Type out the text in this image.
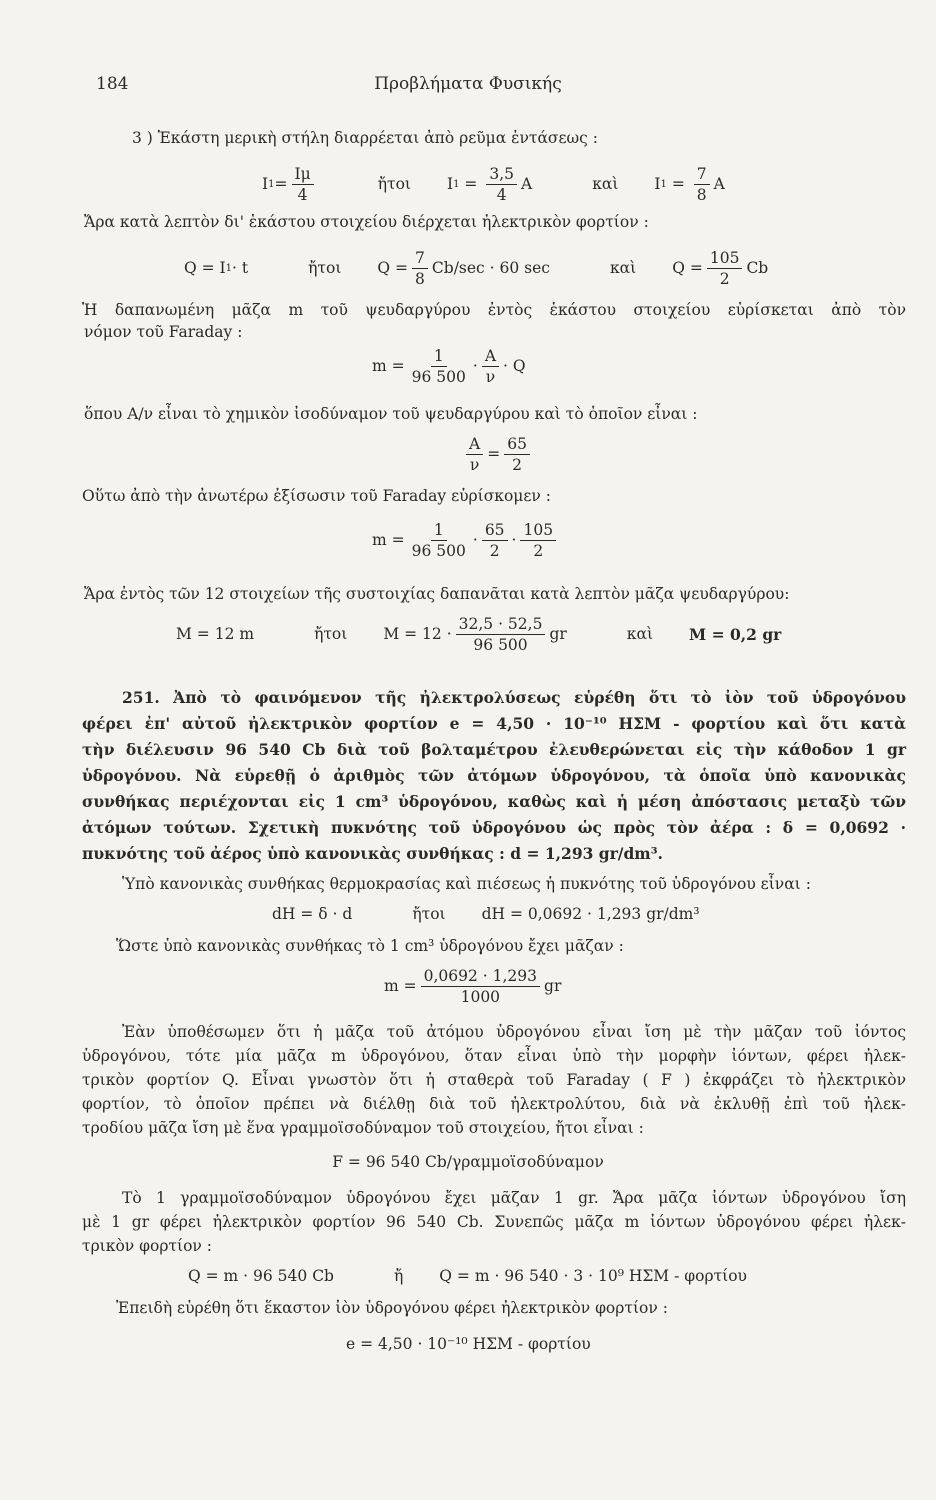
184	Προβλήματα Φυσικής
3 ) Ἑκάστη μερικὴ στήλη διαρρέεται ἀπὸ ρεῦμα ἐντάσεως :
I $1 = \frac{I\mu}{4}$	ἤτοι I $1 = \frac{3,5}{4}$ A	καὶ I $1 = \frac{7}{8}$ A
Ἄρα κατὰ λεπτὸν δι' ἑκάστου στοιχείου διέρχεται ἠλεκτρικὸν φορτίον :
Q = I 1 · t	ἤτοι $Q = \frac{7}{8} Cb/\sec \cdot 60$ sec	καὶ $Q = \frac{105}{2}$ Cb
Ἡ δαπανωμένη μᾶζα m τοῦ ψευδαργύρου ἐντὸς ἑκάστου στοιχείου εὑρίσκεται ἀπὸ τὸν
νόμον τοῦ Faraday :
$m = \frac{1}{96 500} \cdot \frac{A}{\nu} \cdot Q$
ὅπου A/ν εἶναι τὸ χημικὸν ἰσοδύναμον τοῦ ψευδαργύρου καὶ τὸ ὁποῖον εἶναι :
$\frac{A}{\nu} = \frac{65}{2}$
Οὕτω ἀπὸ τὴν ἀνωτέρω ἐξίσωσιν τοῦ Faraday εὑρίσκομεν :
$m = \frac{1}{96 500} \cdot \frac{65}{2} \cdot \frac{105}{2}$
Ἄρα ἐντὸς τῶν 12 στοιχείων τῆς συστοιχίας δαπανᾶται κατὰ λεπτὸν μᾶζα ψευδαργύρου:
M = 12 m	ἤτοι $M = 12 \cdot \frac{32,5 \cdot 52,5}{96 500}$ gr	καὶ M = 0,2 gr
251. Ἀπὸ τὸ φαινόμενον τῆς ἠλεκτρολύσεως εὑρέθη ὅτι τὸ ἰὸν τοῦ ὑδρογόνου
φέρει ἐπ' αὐτοῦ ἠλεκτρικὸν φορτίον e = 4,50 · 10⁻¹⁰ ΗΣΜ - φορτίου καὶ ὅτι κατὰ
τὴν διέλευσιν 96 540 Cb διὰ τοῦ βολταμέτρου ἐλευθερώνεται εἰς τὴν κάθοδον 1 gr
ὑδρογόνου. Νὰ εὑρεθῇ ὁ ἀριθμὸς τῶν ἀτόμων ὑδρογόνου, τὰ ὁποῖα ὑπὸ κανονικὰς
συνθήκας περιέχονται εἰς 1 cm³ ὑδρογόνου, καθὼς καὶ ἡ μέση ἀπόστασις μεταξὺ τῶν
ἀτόμων τούτων. Σχετικὴ πυκνότης τοῦ ὑδρογόνου ὡς πρὸς τὸν ἀέρα : δ = 0,0692 ·
πυκνότης τοῦ ἀέρος ὑπὸ κανονικὰς συνθήκας : d = 1,293 gr/dm³.
Ὑπὸ κανονικὰς συνθήκας θερμοκρασίας καὶ πιέσεως ἡ πυκνότης τοῦ ὑδρογόνου εἶναι :
dH = δ · d	ἤτοι dH = 0,0692 · 1,293 gr/dm³
Ὥστε ὑπὸ κανονικὰς συνθήκας τὸ 1 cm³ ὑδρογόνου ἔχει μᾶζαν :
$m = \frac{0,0692 \cdot 1,293}{1000}$ gr
Ἐὰν ὑποθέσωμεν ὅτι ἡ μᾶζα τοῦ ἀτόμου ὑδρογόνου εἶναι ἴση μὲ τὴν μᾶζαν τοῦ ἰόντος
ὑδρογόνου, τότε μία μᾶζα m ὑδρογόνου, ὅταν εἶναι ὑπὸ τὴν μορφὴν ἰόντων, φέρει ἠλεκ-
τρικὸν φορτίον Q. Εἶναι γνωστὸν ὅτι ἡ σταθερὰ τοῦ Faraday ( F ) ἐκφράζει τὸ ἠλεκτρικὸν
φορτίον, τὸ ὁποῖον πρέπει νὰ διέλθῃ διὰ τοῦ ἠλεκτρολύτου, διὰ νὰ ἐκλυθῇ ἐπὶ τοῦ ἠλεκ-
τροδίου μᾶζα ἴση μὲ ἕνα γραμμοϊσοδύναμον τοῦ στοιχείου, ἤτοι εἶναι :
F = 96 540 Cb/γραμμοϊσοδύναμον
Τὸ 1 γραμμοϊσοδύναμον ὑδρογόνου ἔχει μᾶζαν 1 gr. Ἄρα μᾶζα ἰόντων ὑδρογόνου ἴση
μὲ 1 gr φέρει ἠλεκτρικὸν φορτίον 96 540 Cb. Συνεπῶς μᾶζα m ἰόντων ὑδρογόνου φέρει ἠλεκ-
τρικὸν φορτίον :
Q = m · 96 540 Cb	ἤ Q = m · 96 540 · 3 · 10⁹ ΗΣΜ - φορτίου
Ἐπειδὴ εὑρέθη ὅτι ἕκαστον ἰὸν ὑδρογόνου φέρει ἠλεκτρικὸν φορτίον :
e = 4,50 · 10⁻¹⁰ ΗΣΜ - φορτίου
